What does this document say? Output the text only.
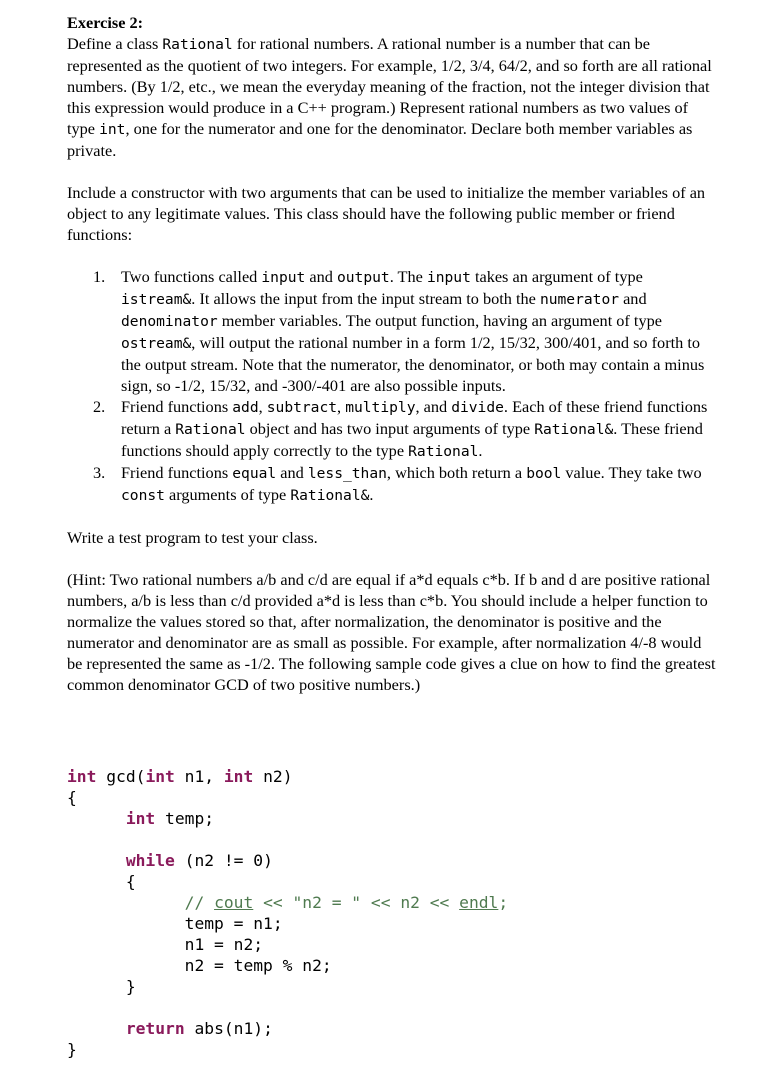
Exercise 2:

Define a class Rational for rational numbers. A rational number is a number that can be represented as the quotient of two integers. For example, 1/2, 3/4, 64/2, and so forth are all rational numbers. (By 1/2, etc., we mean the everyday meaning of the fraction, not the integer division that this expression would produce in a C++ program.) Represent rational numbers as two values of type int, one for the numerator and one for the denominator. Declare both member variables as private.

Include a constructor with two arguments that can be used to initialize the member variables of an object to any legitimate values. This class should have the following public member or friend functions:

1. Two functions called input and output. The input takes an argument of type istream&. It allows the input from the input stream to both the numerator and denominator member variables. The output function, having an argument of type ostream&, will output the rational number in a form 1/2, 15/32, 300/401, and so forth to the output stream. Note that the numerator, the denominator, or both may contain a minus sign, so -1/2, 15/32, and -300/-401 are also possible inputs.
2. Friend functions add, subtract, multiply, and divide. Each of these friend functions return a Rational object and has two input arguments of type Rational&. These friend functions should apply correctly to the type Rational.
3. Friend functions equal and less_than, which both return a bool value. They take two const arguments of type Rational&.

Write a test program to test your class.

(Hint: Two rational numbers a/b and c/d are equal if a*d equals c*b. If b and d are positive rational numbers, a/b is less than c/d provided a*d is less than c*b. You should include a helper function to normalize the values stored so that, after normalization, the denominator is positive and the numerator and denominator are as small as possible. For example, after normalization 4/-8 would be represented the same as -1/2. The following sample code gives a clue on how to find the greatest common denominator GCD of two positive numbers.)

int gcd(int n1, int n2)
{
int temp;

while (n2 != 0)
{
// cout << "n2 = " << n2 << endl;
temp = n1;
n1 = n2;
n2 = temp % n2;
}

return abs(n1);
}
